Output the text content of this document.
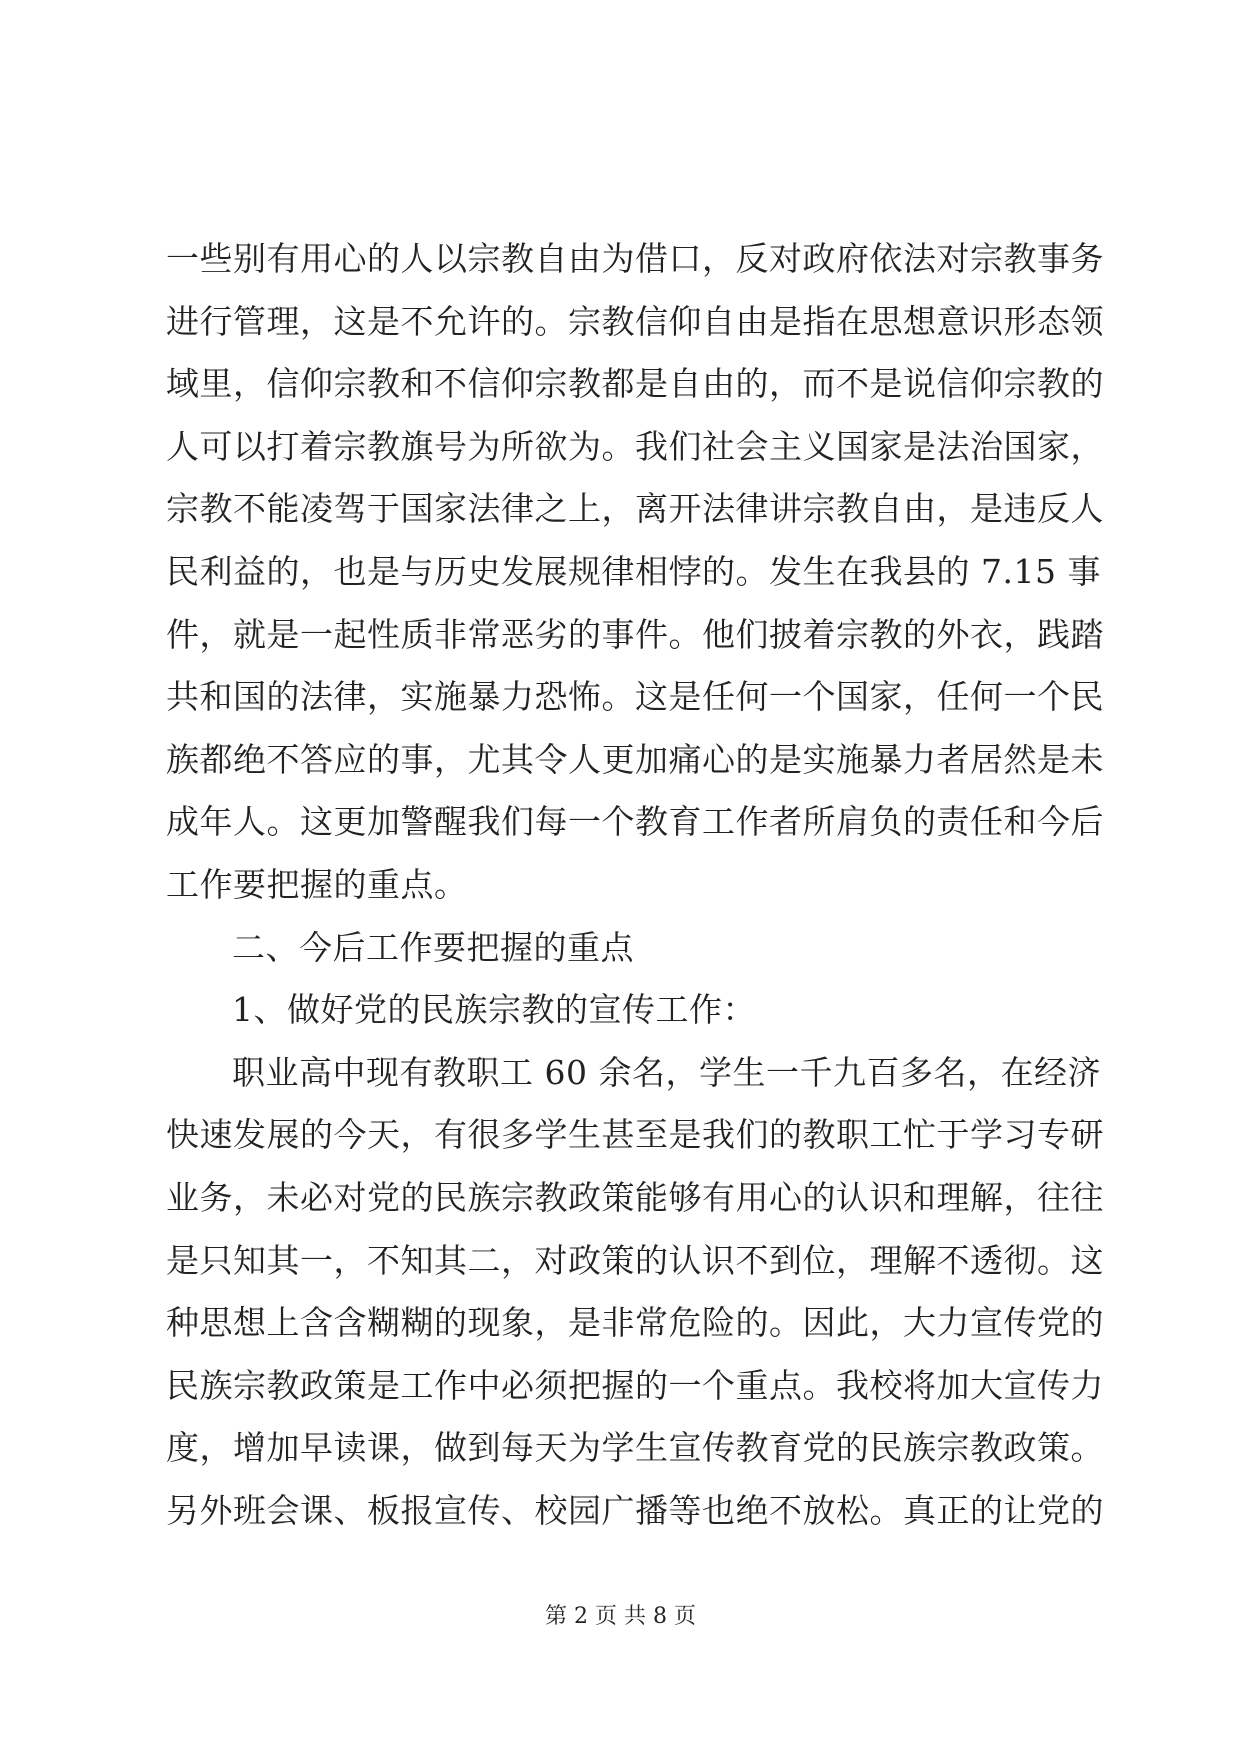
一些别有用心的人以宗教自由为借口，反对政府依法对宗教事务
进行管理，这是不允许的。宗教信仰自由是指在思想意识形态领
域里，信仰宗教和不信仰宗教都是自由的，而不是说信仰宗教的
人可以打着宗教旗号为所欲为。我们社会主义国家是法治国家，
宗教不能凌驾于国家法律之上，离开法律讲宗教自由，是违反人
民利益的，也是与历史发展规律相悖的。发生在我县的 7.15 事
件，就是一起性质非常恶劣的事件。他们披着宗教的外衣，践踏
共和国的法律，实施暴力恐怖。这是任何一个国家，任何一个民
族都绝不答应的事，尤其令人更加痛心的是实施暴力者居然是未
成年人。这更加警醒我们每一个教育工作者所肩负的责任和今后
工作要把握的重点。
二、今后工作要把握的重点
1、做好党的民族宗教的宣传工作：
职业高中现有教职工 60 余名，学生一千九百多名，在经济
快速发展的今天，有很多学生甚至是我们的教职工忙于学习专研
业务，未必对党的民族宗教政策能够有用心的认识和理解，往往
是只知其一，不知其二，对政策的认识不到位，理解不透彻。这
种思想上含含糊糊的现象，是非常危险的。因此，大力宣传党的
民族宗教政策是工作中必须把握的一个重点。我校将加大宣传力
度，增加早读课，做到每天为学生宣传教育党的民族宗教政策。
另外班会课、板报宣传、校园广播等也绝不放松。真正的让党的
第 2 页 共 8 页
